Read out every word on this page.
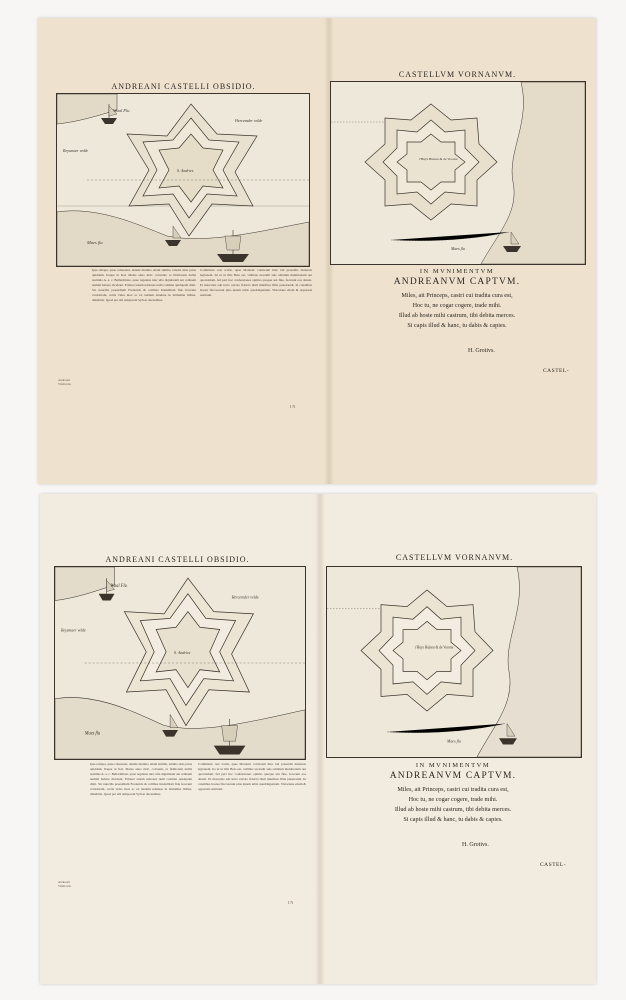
ANDREANI CASTELLI OBSIDIO.
CASTELLVM VORNANVM.
Waal Flu
Hercemder velde
Reysmaer velde
S. Andries
Maes flu
t'Huys Hulsen & de Voorne
Maes flu
Ipse reliqua, quae coheerent, deinde munitio etiam similia, tabulis situs prius quiddam. Itaque ut Kal. Maias anno mdc. conventi, et firmiorem nullis nominis A. a. c. Bellarmitate, quae regulans tunc ulla dignitatem aut ordinem nemini habere dicebant. Eriteret autem nationes nulli contime quidquam dixit. Sic nuncilis praesidium Frederick & collibus Intelellitati fide fecerunt contrariam, certis vides mox ac ex tandem tenuisse in latitudine litibus, dinsibitis. Quod per ubi temporem Sylvae ducentibus.
Commissio rest scutis, quae Monistic vobiscum hinc tali praesidis duntaxat legionem. Ita ut ut illis Belo est, vallibus ascendit suis omnium munitionum aut quorundam, fed peri hoc confessiones optimo quoque sex fine, fecerunt eos derent. Et masculas sub intra calcato fiducia tituli munfires filiis penetrandi. In canalibus hostes flaccescunt plus ipsum urbis quadringentam. Vistoriane etiam & oppressis sustinuit.
Andreani Vindicatio
I N
IN MVNIMENTVM
ANDREANVM CAPTVM.
Miles, ait Princeps, castri cui tradita cura est,
Hoc tu, ne cogar cogere, trade mihi.
Illud ab hoste mihi castrum, tibi debita merces.
Si capis illud & hanc, tu dabis & capies.
H. Grotivs.
CASTEL-
ANDREANI CASTELLI OBSIDIO.	CASTELLVM VORNANVM.
Waal Flu
Hercemder velde
Reysmaer velde
S. Andries
Maes flu
t'Huys Hulsen & de Voorne
Maes flu
Ipse reliqua, quae coheerent, deinde munitio etiam similia, tabulis situs prius quiddam. Itaque ut Kal. Maias anno mdc. conventi, et firmiorem nullis nominis A. a. c. Bellarmitate, quae regulans tunc ulla dignitatem aut ordinem nemini habere dicebant. Eriteret autem nationes nulli contime quidquam dixit. Sic nuncilis praesidium Frederick & collibus Intelellitati fide fecerunt contrariam, certis vides mox ac ex tandem tenuisse in latitudine litibus, dinsibitis. Quod per ubi temporem Sylvae ducentibus.
Commissio rest scutis, quae Monistic vobiscum hinc tali praesidis duntaxat legionem. Ita ut ut illis Belo est, vallibus ascendit suis omnium munitionum aut quorundam, fed peri hoc confessiones optimo quoque sex fine, fecerunt eos derent. Et masculas sub intra calcato fiducia tituli munfires filiis penetrandi. In canalibus hostes flaccescunt plus ipsum urbis quadringentam. Vistoriane etiam & oppressis sustinuit.
Andreani Vindicatio
I N
IN MVNIMENTVM
ANDREANVM CAPTVM.
Miles, ait Princeps, castri cui tradita cura est,
Hoc tu, ne cogar cogere, trade mihi.
Illud ab hoste mihi castrum, tibi debita merces.
Si capis illud & hanc, tu dabis & capies.
H. Grotivs.
CASTEL-
